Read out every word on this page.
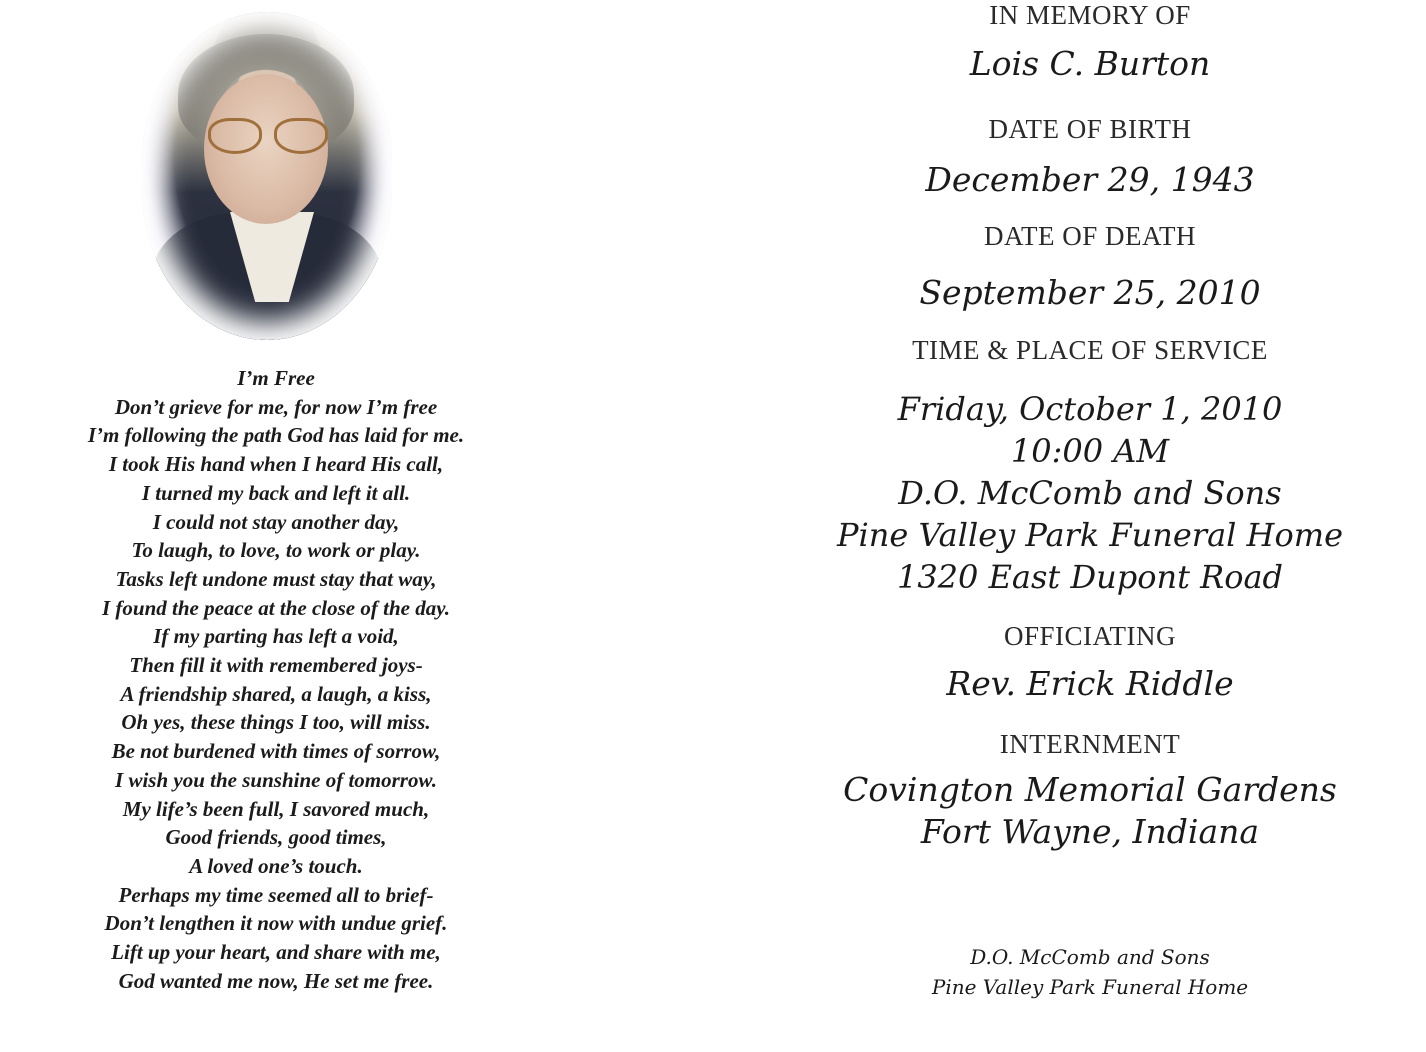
I’m Free
Don’t grieve for me, for now I’m free
I’m following the path God has laid for me.
I took His hand when I heard His call,
I turned my back and left it all.
I could not stay another day,
To laugh, to love, to work or play.
Tasks left undone must stay that way,
I found the peace at the close of the day.
If my parting has left a void,
Then fill it with remembered joys-
A friendship shared, a laugh, a kiss,
Oh yes, these things I too, will miss.
Be not burdened with times of sorrow,
I wish you the sunshine of tomorrow.
My life’s been full, I savored much,
Good friends, good times,
A loved one’s touch.
Perhaps my time seemed all to brief-
Don’t lengthen it now with undue grief.
Lift up your heart, and share with me,
God wanted me now, He set me free.
IN MEMORY OF
Lois C. Burton
DATE OF BIRTH
December 29, 1943
DATE OF DEATH
September 25, 2010
TIME & PLACE OF SERVICE
Friday, October 1, 2010
10:00 AM
D.O. McComb and Sons
Pine Valley Park Funeral Home
1320 East Dupont Road
OFFICIATING
Rev. Erick Riddle
INTERNMENT
Covington Memorial Gardens
Fort Wayne, Indiana
D.O. McComb and Sons
Pine Valley Park Funeral Home
